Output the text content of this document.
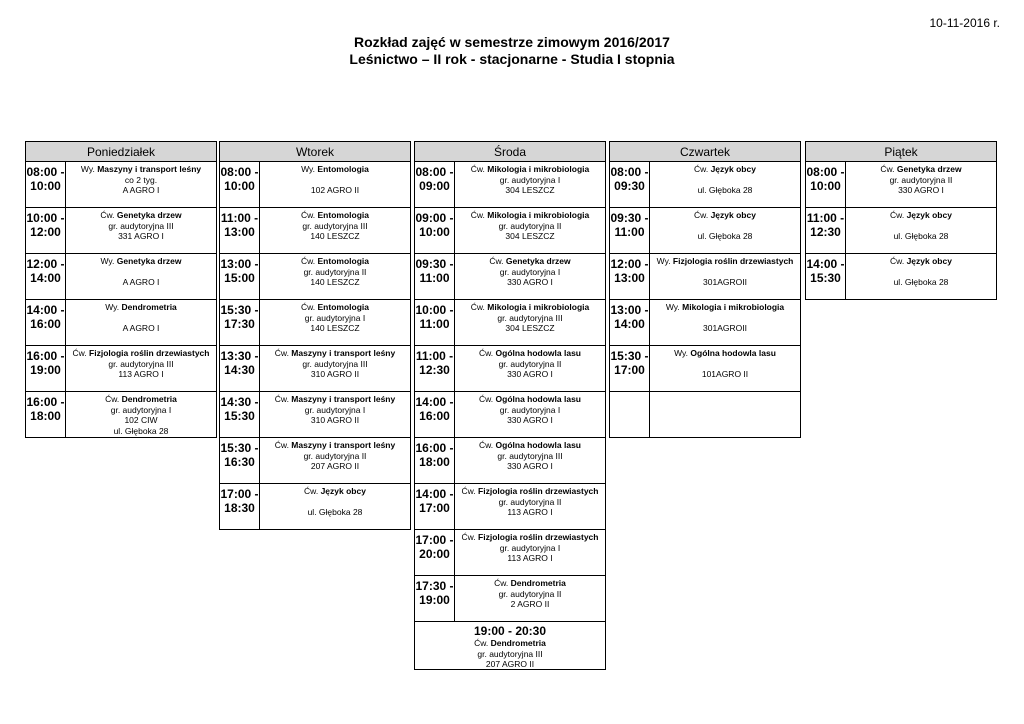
10-11-2016 r.
Rozkład zajęć w semestrze zimowym 2016/2017
Leśnictwo – II rok - stacjonarne - Studia I stopnia
Poniedziałek
08:00 -
10:00
Wy. Maszyny i transport leśny
co 2 tyg.
A AGRO I
10:00 -
12:00
Ćw. Genetyka drzew
gr. audytoryjna III
331 AGRO I
12:00 -
14:00
Wy. Genetyka drzew

A AGRO I
14:00 -
16:00
Wy. Dendrometria

A AGRO I
16:00 -
19:00
Ćw. Fizjologia roślin drzewiastych
gr. audytoryjna III
113 AGRO I
16:00 -
18:00
Ćw. Dendrometria
gr. audytoryjna I
102 CIW
ul. Głęboka 28
Wtorek
08:00 -
10:00
Wy. Entomologia

102 AGRO II
11:00 -
13:00
Ćw. Entomologia
gr. audytoryjna III
140 LESZCZ
13:00 -
15:00
Ćw. Entomologia
gr. audytoryjna II
140 LESZCZ
15:30 -
17:30
Ćw. Entomologia
gr. audytoryjna I
140 LESZCZ
13:30 -
14:30
Ćw. Maszyny i transport leśny
gr. audytoryjna III
310 AGRO II
14:30 -
15:30
Ćw. Maszyny i transport leśny
gr. audytoryjna I
310 AGRO II
15:30 -
16:30
Ćw. Maszyny i transport leśny
gr. audytoryjna II
207 AGRO II
17:00 -
18:30
Ćw. Język obcy

ul. Głęboka 28
Środa
08:00 -
09:00
Ćw. Mikologia i mikrobiologia
gr. audytoryjna I
304 LESZCZ
09:00 -
10:00
Ćw. Mikologia i mikrobiologia
gr. audytoryjna II
304 LESZCZ
09:30 -
11:00
Ćw. Genetyka drzew
gr. audytoryjna I
330 AGRO I
10:00 -
11:00
Ćw. Mikologia i mikrobiologia
gr. audytoryjna III
304 LESZCZ
11:00 -
12:30
Ćw. Ogólna hodowla lasu
gr. audytoryjna II
330 AGRO I
14:00 -
16:00
Ćw. Ogólna hodowla lasu
gr. audytoryjna I
330 AGRO I
16:00 -
18:00
Ćw. Ogólna hodowla lasu
gr. audytoryjna III
330 AGRO I
14:00 -
17:00
Ćw. Fizjologia roślin drzewiastych
gr. audytoryjna II
113 AGRO I
17:00 -
20:00
Ćw. Fizjologia roślin drzewiastych
gr. audytoryjna I
113 AGRO I
17:30 -
19:00
Ćw. Dendrometria
gr. audytoryjna II
2 AGRO II
19:00 - 20:30
Ćw. Dendrometria
gr. audytoryjna III
207 AGRO II
Czwartek
08:00 -
09:30
Ćw. Język obcy

ul. Głęboka 28
09:30 -
11:00
Ćw. Język obcy

ul. Głęboka 28
12:00 -
13:00
Wy. Fizjologia roślin drzewiastych

301AGROII
13:00 -
14:00
Wy. Mikologia i mikrobiologia

301AGROII
15:30 -
17:00
Wy. Ogólna hodowla lasu

101AGRO II
Piątek
08:00 -
10:00
Ćw. Genetyka drzew
gr. audytoryjna II
330 AGRO I
11:00 -
12:30
Ćw. Język obcy

ul. Głęboka 28
14:00 -
15:30
Ćw. Język obcy

ul. Głęboka 28
